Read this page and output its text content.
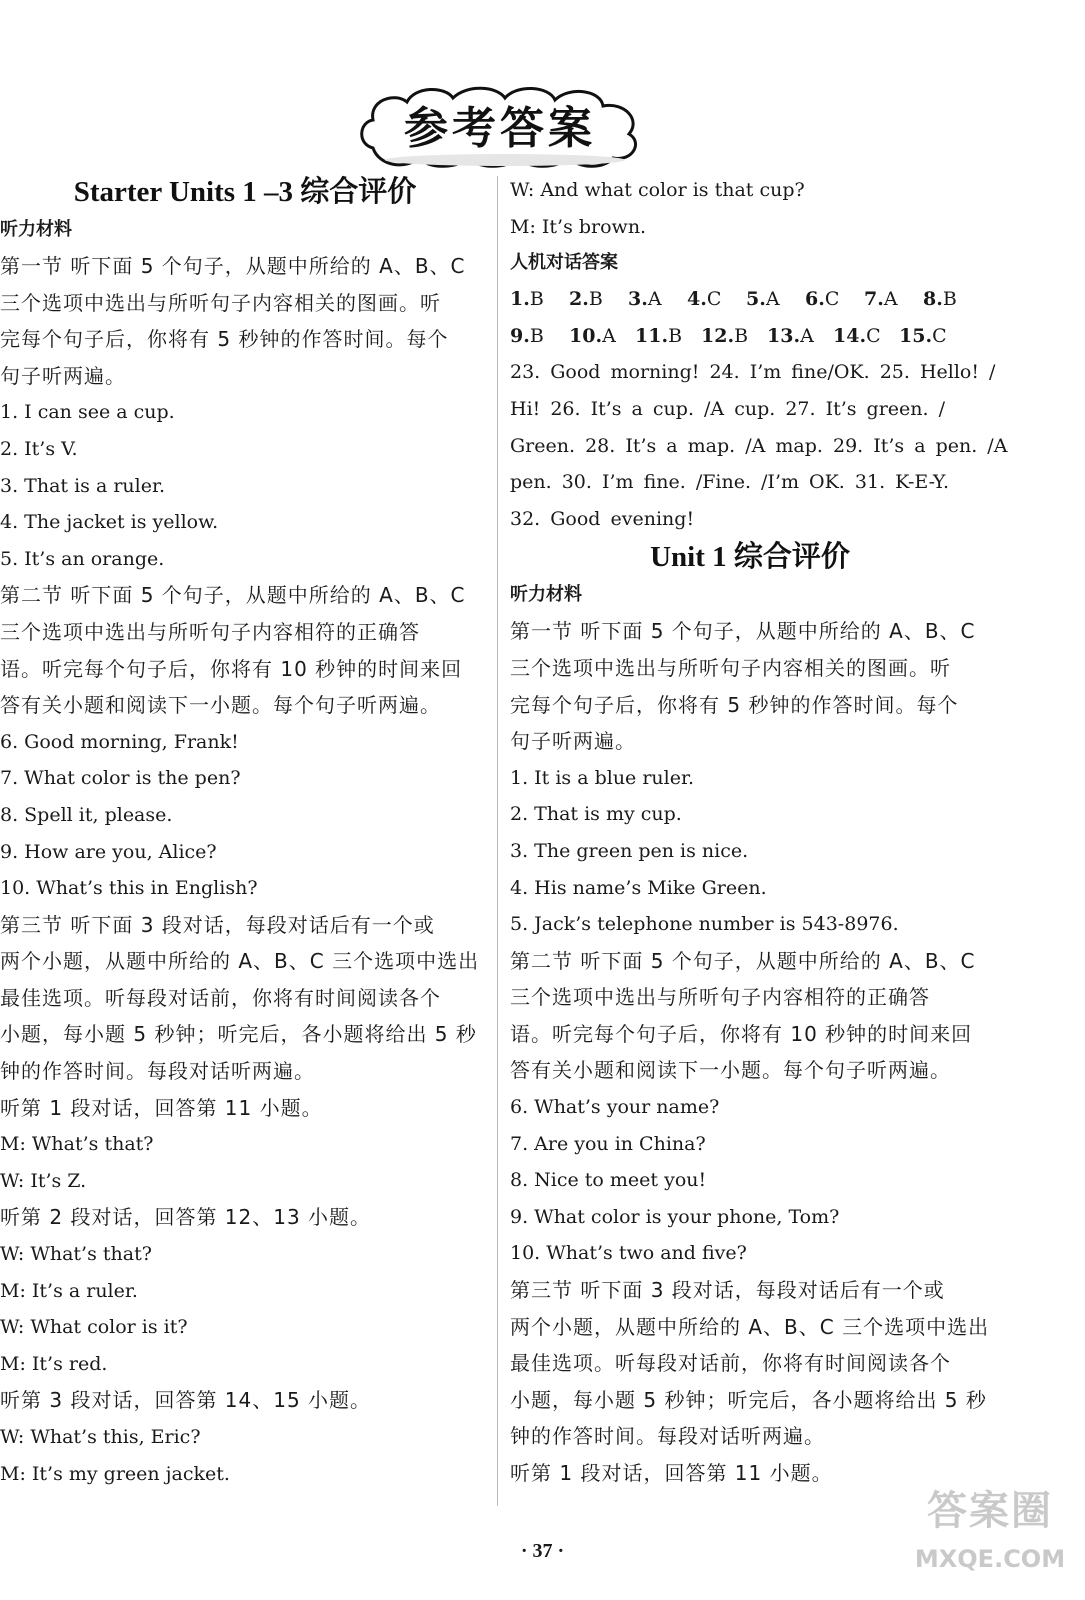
参考答案
Starter Units 1 –3 综合评价
听力材料
第一节 听下面 5 个句子，从题中所给的 A、B、C
三个选项中选出与所听句子内容相关的图画。听
完每个句子后，你将有 5 秒钟的作答时间。每个
句子听两遍。
1. I can see a cup.
2. It’s V.
3. That is a ruler.
4. The jacket is yellow.
5. It’s an orange.
第二节 听下面 5 个句子，从题中所给的 A、B、C
三个选项中选出与所听句子内容相符的正确答
语。听完每个句子后，你将有 10 秒钟的时间来回
答有关小题和阅读下一小题。每个句子听两遍。
6. Good morning, Frank!
7. What color is the pen?
8. Spell it, please.
9. How are you, Alice?
10. What’s this in English?
第三节 听下面 3 段对话，每段对话后有一个或
两个小题，从题中所给的 A、B、C 三个选项中选出
最佳选项。听每段对话前，你将有时间阅读各个
小题，每小题 5 秒钟；听完后，各小题将给出 5 秒
钟的作答时间。每段对话听两遍。
听第 1 段对话，回答第 11 小题。
M: What’s that?
W: It’s Z.
听第 2 段对话，回答第 12、13 小题。
W: What’s that?
M: It’s a ruler.
W: What color is it?
M: It’s red.
听第 3 段对话，回答第 14、15 小题。
W: What’s this, Eric?
M: It’s my green jacket.
W: And what color is that cup?
M: It’s brown.
人机对话答案
1.B	2.B	3.A	4.C	5.A	6.C	7.A	8.B
9.B	10.A	11.B 12.B 13.A	14.C 15.C
23. Good morning! 24. I’m fine/OK. 25. Hello! /
Hi! 26. It’s a cup. /A cup. 27. It’s green. /
Green. 28. It’s a map. /A map. 29. It’s a pen. /A
pen. 30. I’m fine. /Fine. /I’m OK. 31. K-E-Y.
32. Good evening!
Unit 1 综合评价
听力材料
第一节 听下面 5 个句子，从题中所给的 A、B、C
三个选项中选出与所听句子内容相关的图画。听
完每个句子后，你将有 5 秒钟的作答时间。每个
句子听两遍。
1. It is a blue ruler.
2. That is my cup.
3. The green pen is nice.
4. His name’s Mike Green.
5. Jack’s telephone number is 543-8976.
第二节 听下面 5 个句子，从题中所给的 A、B、C
三个选项中选出与所听句子内容相符的正确答
语。听完每个句子后，你将有 10 秒钟的时间来回
答有关小题和阅读下一小题。每个句子听两遍。
6. What’s your name?
7. Are you in China?
8. Nice to meet you!
9. What color is your phone, Tom?
10. What’s two and five?
第三节 听下面 3 段对话，每段对话后有一个或
两个小题，从题中所给的 A、B、C 三个选项中选出
最佳选项。听每段对话前，你将有时间阅读各个
小题，每小题 5 秒钟；听完后，各小题将给出 5 秒
钟的作答时间。每段对话听两遍。
听第 1 段对话，回答第 11 小题。
· 37 ·
答案圈
MXQE.COM
